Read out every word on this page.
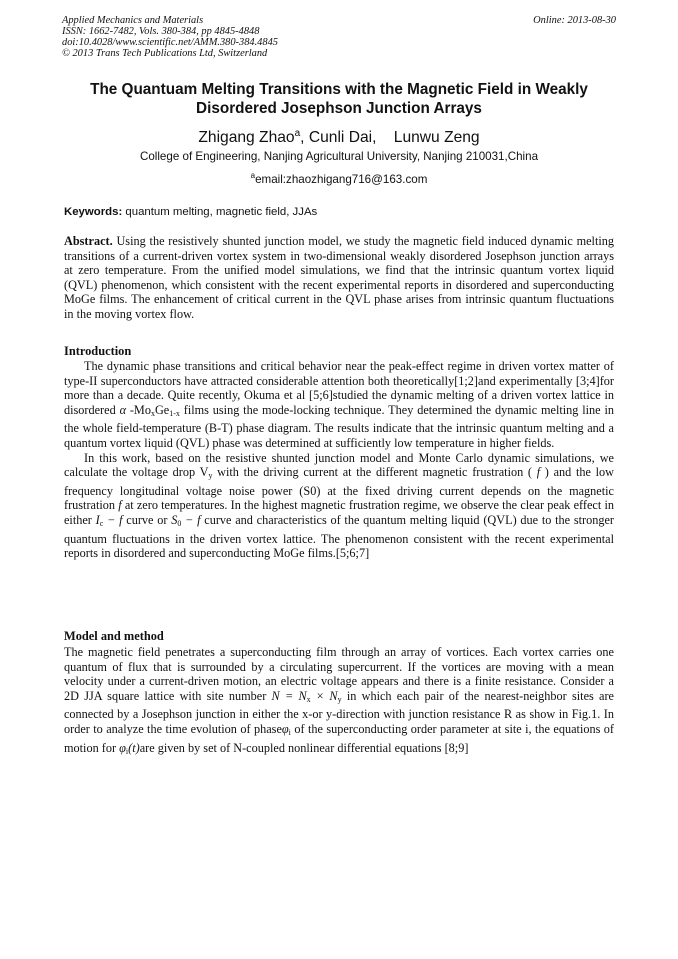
Applied Mechanics and Materials
ISSN: 1662-7482, Vols. 380-384, pp 4845-4848
doi:10.4028/www.scientific.net/AMM.380-384.4845
© 2013 Trans Tech Publications Ltd, Switzerland
Online: 2013-08-30
The Quantuam Melting Transitions with the Magnetic Field in Weakly
Disordered Josephson Junction Arrays
Zhigang Zhao$^a$, Cunli Dai, Lunwu Zeng
College of Engineering, Nanjing Agricultural University, Nanjing 210031,China
$^a$email:zhaozhigang716@163.com
Keywords: quantum melting, magnetic field, JJAs

Abstract. Using the resistively shunted junction model, we study the magnetic field induced dynamic melting transitions of a current-driven vortex system in two-dimensional weakly disordered Josephson junction arrays at zero temperature. From the unified model simulations, we find that the intrinsic quantum vortex liquid (QVL) phenomenon, which consistent with the recent experimental reports in disordered and superconducting MoGe films. The enhancement of critical current in the QVL phase arises from intrinsic quantum fluctuations in the moving vortex flow.

Introduction

The dynamic phase transitions and critical behavior near the peak-effect regime in driven vortex matter of type-II superconductors have attracted considerable attention both theoretically[1;2]and experimentally [3;4]for more than a decade. Quite recently, Okuma et al [5;6]studied the dynamic melting of a driven vortex lattice in disordered α $-Mo_xGe_{1-x}$ films using the mode-locking technique. They determined the dynamic melting line in the whole field-temperature (B-T) phase diagram. The results indicate that the intrinsic quantum melting and a quantum vortex liquid (QVL) phase was determined at sufficiently low temperature in higher fields.

In this work, based on the resistive shunted junction model and Monte Carlo dynamic simulations, we calculate the voltage drop $V_y$ with the driving current at the different magnetic frustration ( f ) and the low frequency longitudinal voltage noise power (S0) at the fixed driving current depends on the magnetic frustration f at zero temperatures. In the highest magnetic frustration regime, we observe the clear peak effect in either $I_c - f$ curve or $S_0 - f$ curve and characteristics of the quantum melting liquid (QVL) due to the stronger quantum fluctuations in the driven vortex lattice. The phenomenon consistent with the recent experimental reports in disordered and superconducting MoGe films.[5;6;7]

Model and method

The magnetic field penetrates a superconducting film through an array of vortices. Each vortex carries one quantum of flux that is surrounded by a circulating supercurrent. If the vortices are moving with a mean velocity under a current-driven motion, an electric voltage appears and there is a finite resistance. Consider a 2D JJA square lattice with site number $N = N_x \times N_y$ in which each pair of the nearest-neighbor sites are connected by a Josephson junction in either the x-or y-direction with junction resistance R as show in Fig.1. In order to analyze the time evolution of phaseφ$_i$ of the superconducting order parameter at site i, the equations of motion for $\varphi_i(t)are$ given by set of N-coupled nonlinear differential equations [8;9]
